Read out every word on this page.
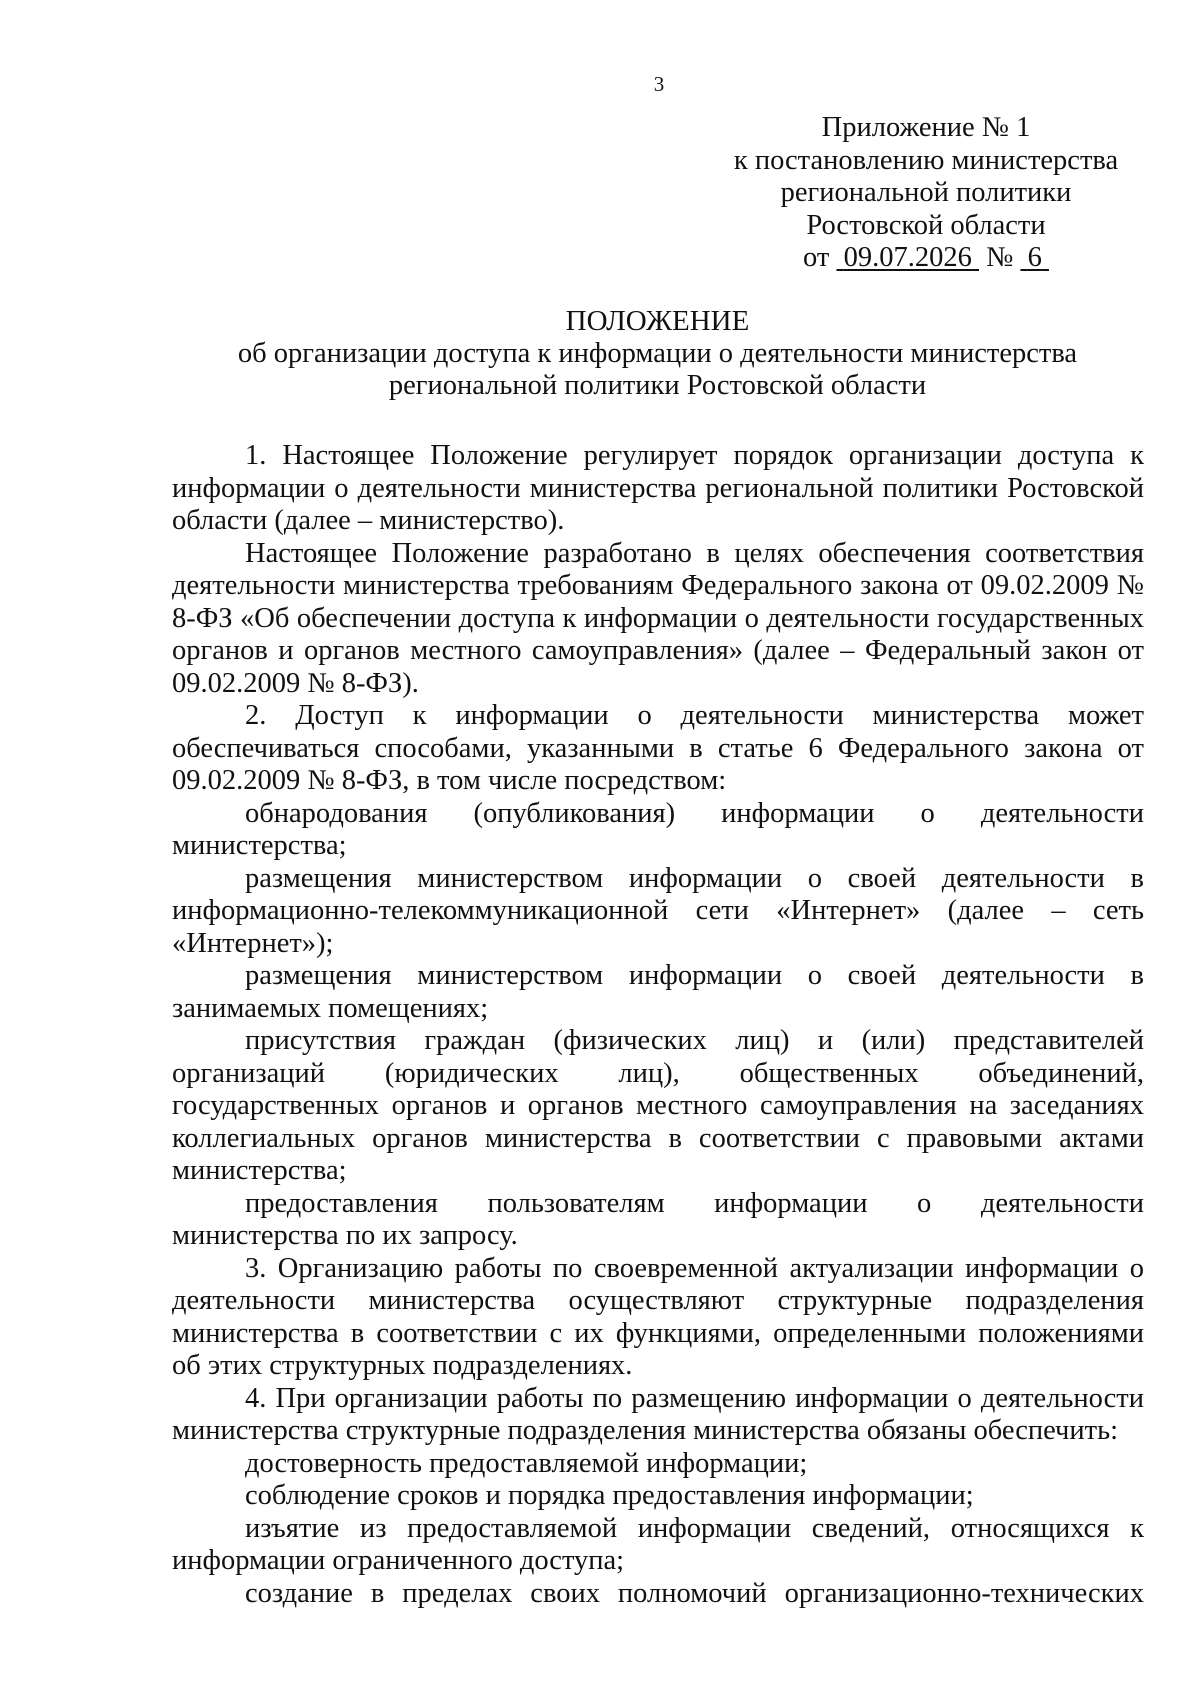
3
Приложение № 1
к постановлению министерства
региональной политики
Ростовской области
от 09.07.2026 № 6
ПОЛОЖЕНИЕ
об организации доступа к информации о деятельности министерства
региональной политики Ростовской области

1. Настоящее Положение регулирует порядок организации доступа к информации о деятельности министерства региональной политики Ростовской области (далее – министерство).

Настоящее Положение разработано в целях обеспечения соответствия деятельности министерства требованиям Федерального закона от 09.02.2009 № 8-ФЗ «Об обеспечении доступа к информации о деятельности государственных органов и органов местного самоуправления» (далее – Федеральный закон от 09.02.2009 № 8-ФЗ).

2. Доступ к информации о деятельности министерства может обеспечиваться способами, указанными в статье 6 Федерального закона от 09.02.2009 № 8-ФЗ, в том числе посредством:

обнародования (опубликования) информации о деятельности министерства;

размещения министерством информации о своей деятельности в информационно-телекоммуникационной сети «Интернет» (далее – сеть «Интернет»);

размещения министерством информации о своей деятельности в занимаемых помещениях;

присутствия граждан (физических лиц) и (или) представителей организаций (юридических лиц), общественных объединений, государственных органов и органов местного самоуправления на заседаниях коллегиальных органов министерства в соответствии с правовыми актами министерства;

предоставления пользователям информации о деятельности министерства по их запросу.

3. Организацию работы по своевременной актуализации информации о деятельности министерства осуществляют структурные подразделения министерства в соответствии с их функциями, определенными положениями об этих структурных подразделениях.

4. При организации работы по размещению информации о деятельности министерства структурные подразделения министерства обязаны обеспечить:

достоверность предоставляемой информации;

соблюдение сроков и порядка предоставления информации;

изъятие из предоставляемой информации сведений, относящихся к информации ограниченного доступа;

создание в пределах своих полномочий организационно-технических
